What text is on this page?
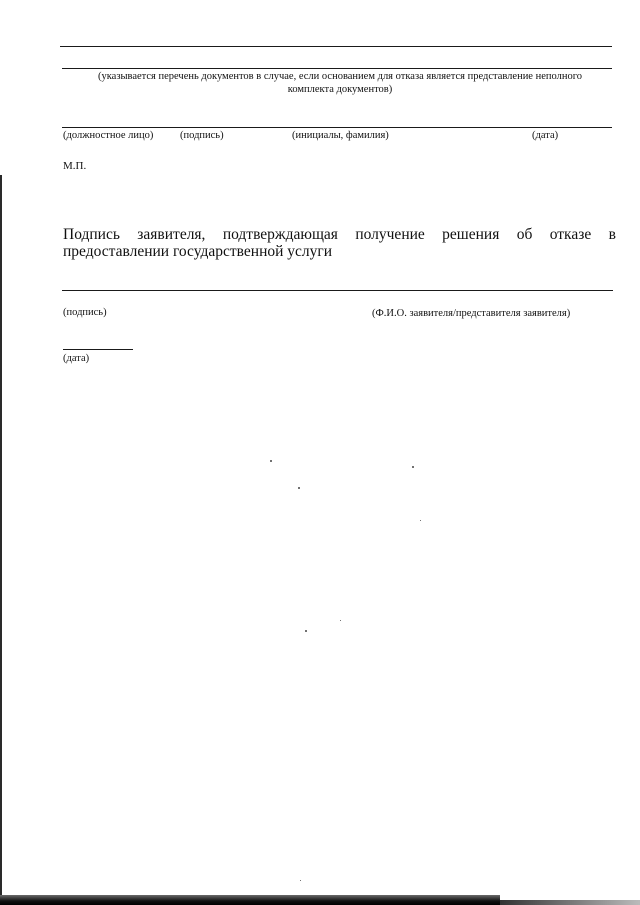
(указывается перечень документов в случае, если основанием для отказа является представление неполного комплекта документов)
(должностное лицо)	(подпись)	(инициалы, фамилия)	(дата)
М.П.
Подпись заявителя, подтверждающая получение решения об отказе в
предоставлении государственной услуги
(подпись)	(Ф.И.О. заявителя/представителя заявителя)
(дата)
